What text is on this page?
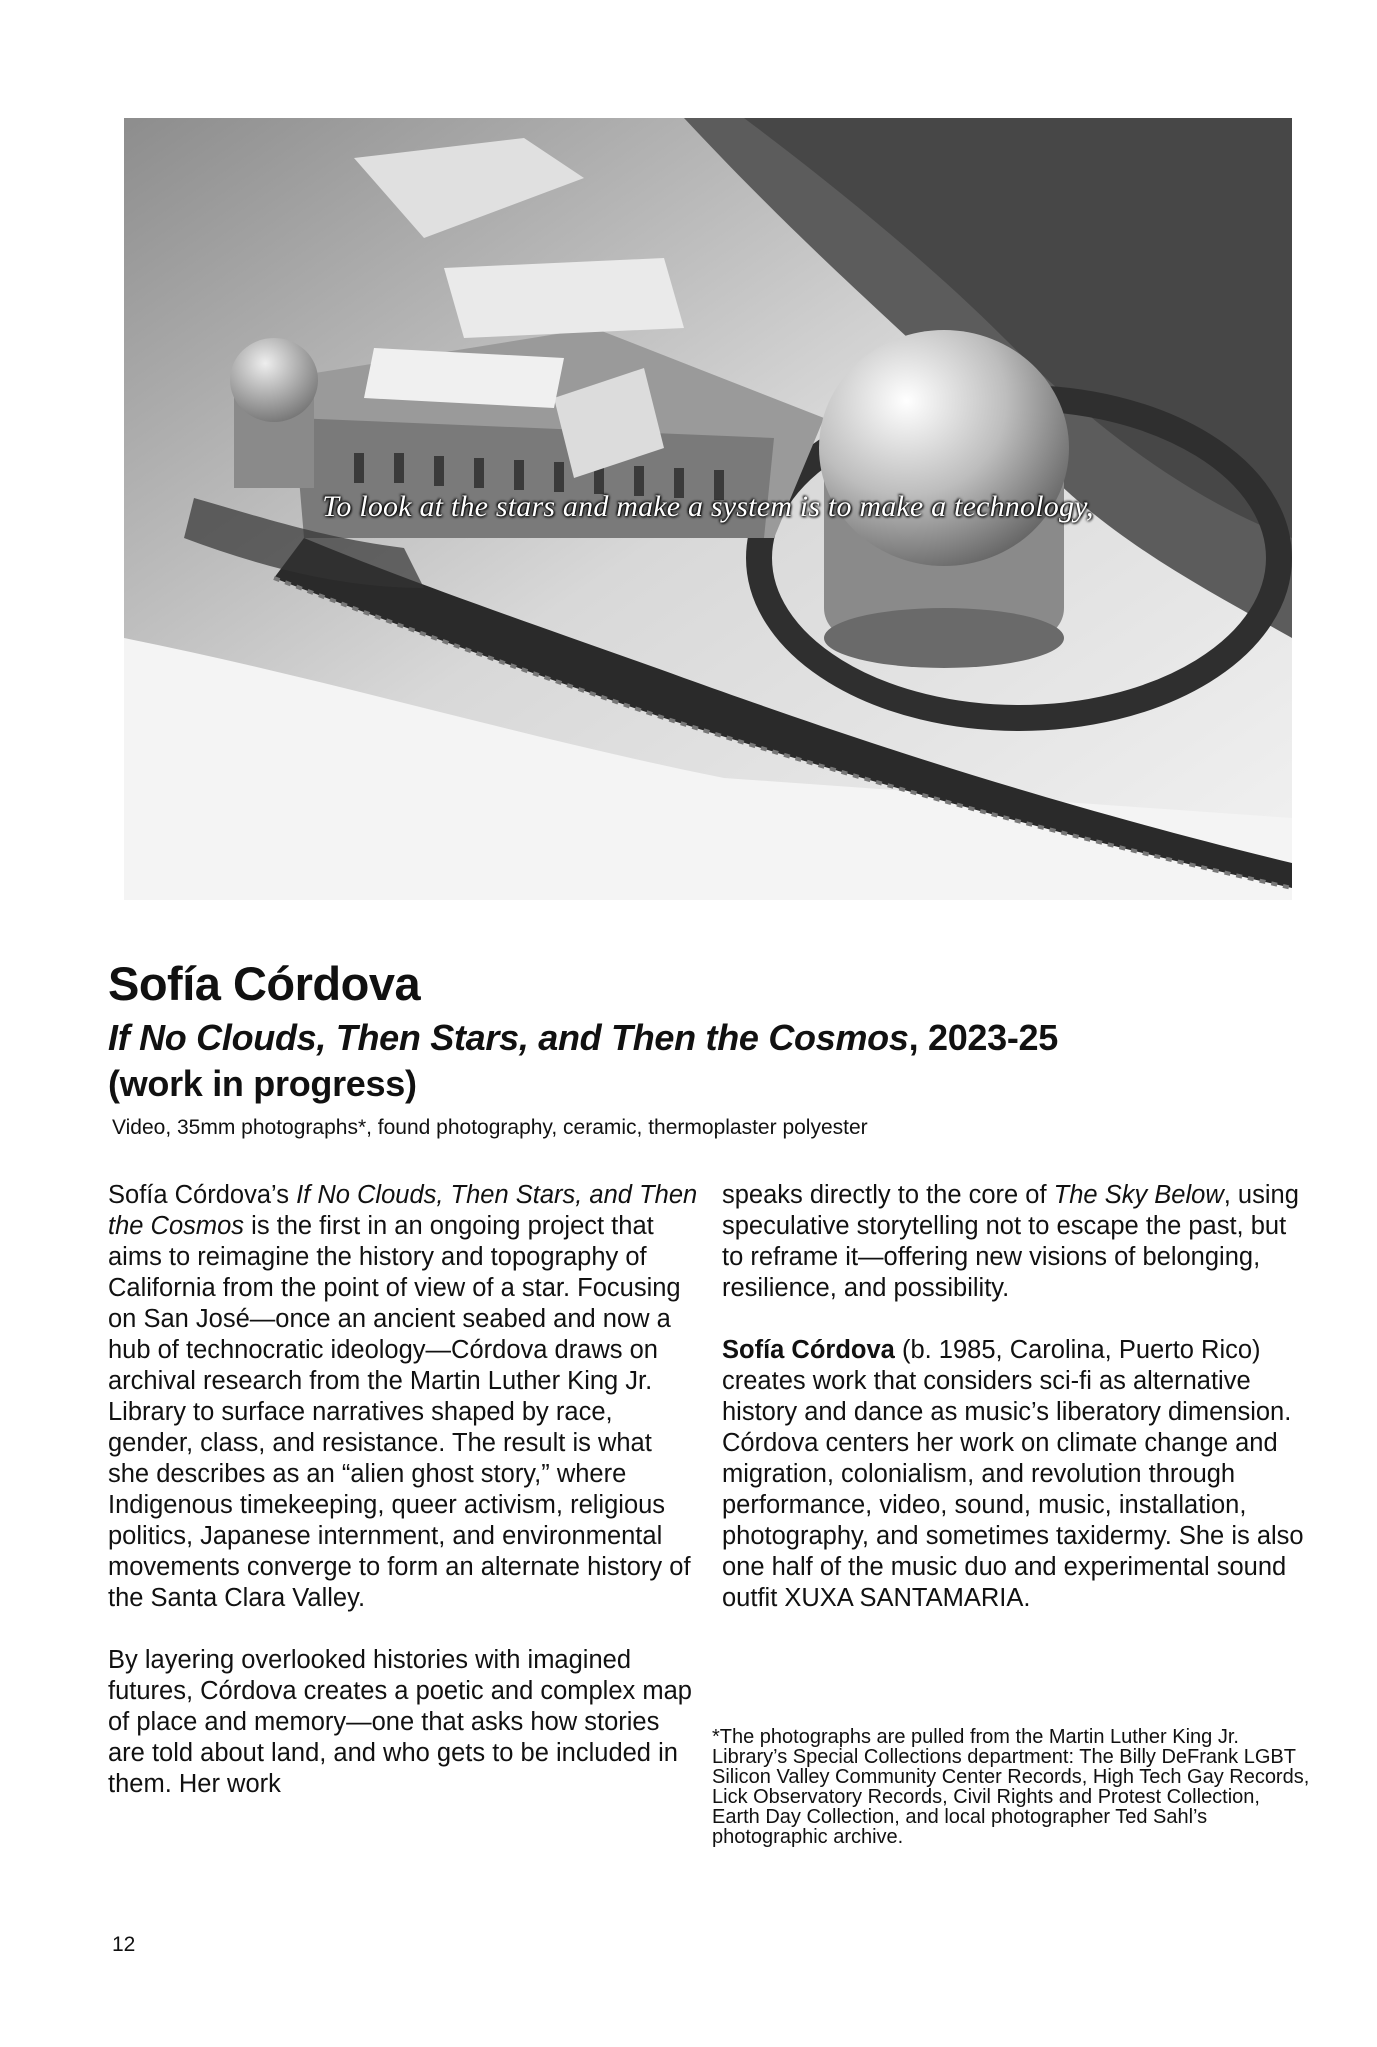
To look at the stars and make a system is to make a technology,
Sofía Córdova
If No Clouds, Then Stars, and Then the Cosmos, 2023-25
(work in progress)
Video, 35mm photographs*, found photography, ceramic, thermoplaster polyester

Sofía Córdova’s If No Clouds, Then Stars, and Then the Cosmos is the first in an ongoing project that aims to reimagine the history and topography of California from the point of view of a star. Focusing on San José—once an ancient seabed and now a hub of technocratic ideology—Córdova draws on archival research from the Martin Luther King Jr. Library to surface narratives shaped by race, gender, class, and resistance. The result is what she describes as an “alien ghost story,” where Indigenous timekeeping, queer activism, religious politics, Japanese internment, and environmental movements converge to form an alternate history of the Santa Clara Valley.

By layering overlooked histories with imagined futures, Córdova creates a poetic and complex map of place and memory—one that asks how stories are told about land, and who gets to be included in them. Her work

speaks directly to the core of The Sky Below, using speculative storytelling not to escape the past, but to reframe it—offering new visions of belonging, resilience, and possibility.

Sofía Córdova (b. 1985, Carolina, Puerto Rico) creates work that considers sci-fi as alternative history and dance as music’s liberatory dimension. Córdova centers her work on climate change and migration, colonialism, and revolution through performance, video, sound, music, installation, photography, and sometimes taxidermy. She is also one half of the music duo and experimental sound outfit XUXA SANTAMARIA.

*The photographs are pulled from the Martin Luther King Jr. Library’s Special Collections department: The Billy DeFrank LGBT Silicon Valley Community Center Records, High Tech Gay Records, Lick Observatory Records, Civil Rights and Protest Collection, Earth Day Collection, and local photographer Ted Sahl’s photographic archive.
12
